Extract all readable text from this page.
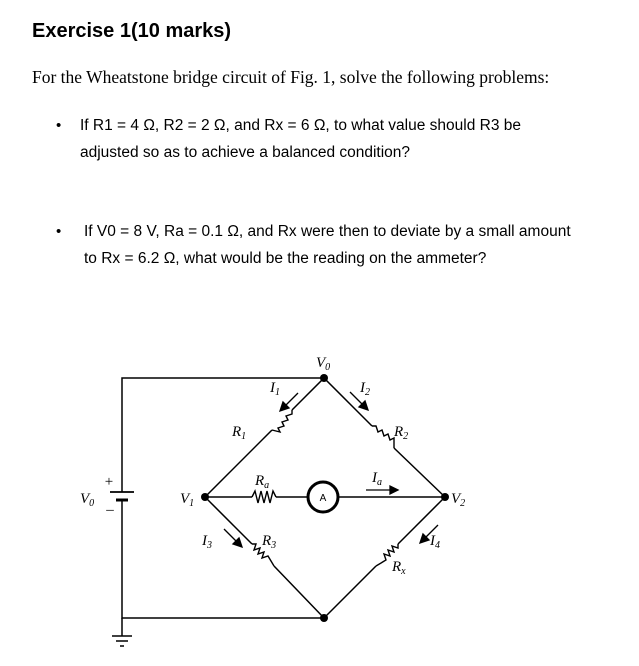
Exercise 1(10 marks)
For the Wheatstone bridge circuit of Fig. 1, solve the following problems:
• If R1 = 4 Ω, R2 = 2 Ω, and Rx = 6 Ω, to what value should R3 be adjusted so as to achieve a balanced condition?
• If V0 = 8 V, Ra = 0.1 Ω, and Rx were then to deviate by a small amount to Rx = 6.2 Ω, what would be the reading on the ammeter?
A
+
–
$V_0$
$V_0$	$V_1$	$V_2$
$I_1$	$I_2$
$I_3$	$I_4$
$I_a$
$R_1$	$R_2$
$R_3$
$R_x$
$R_a$
